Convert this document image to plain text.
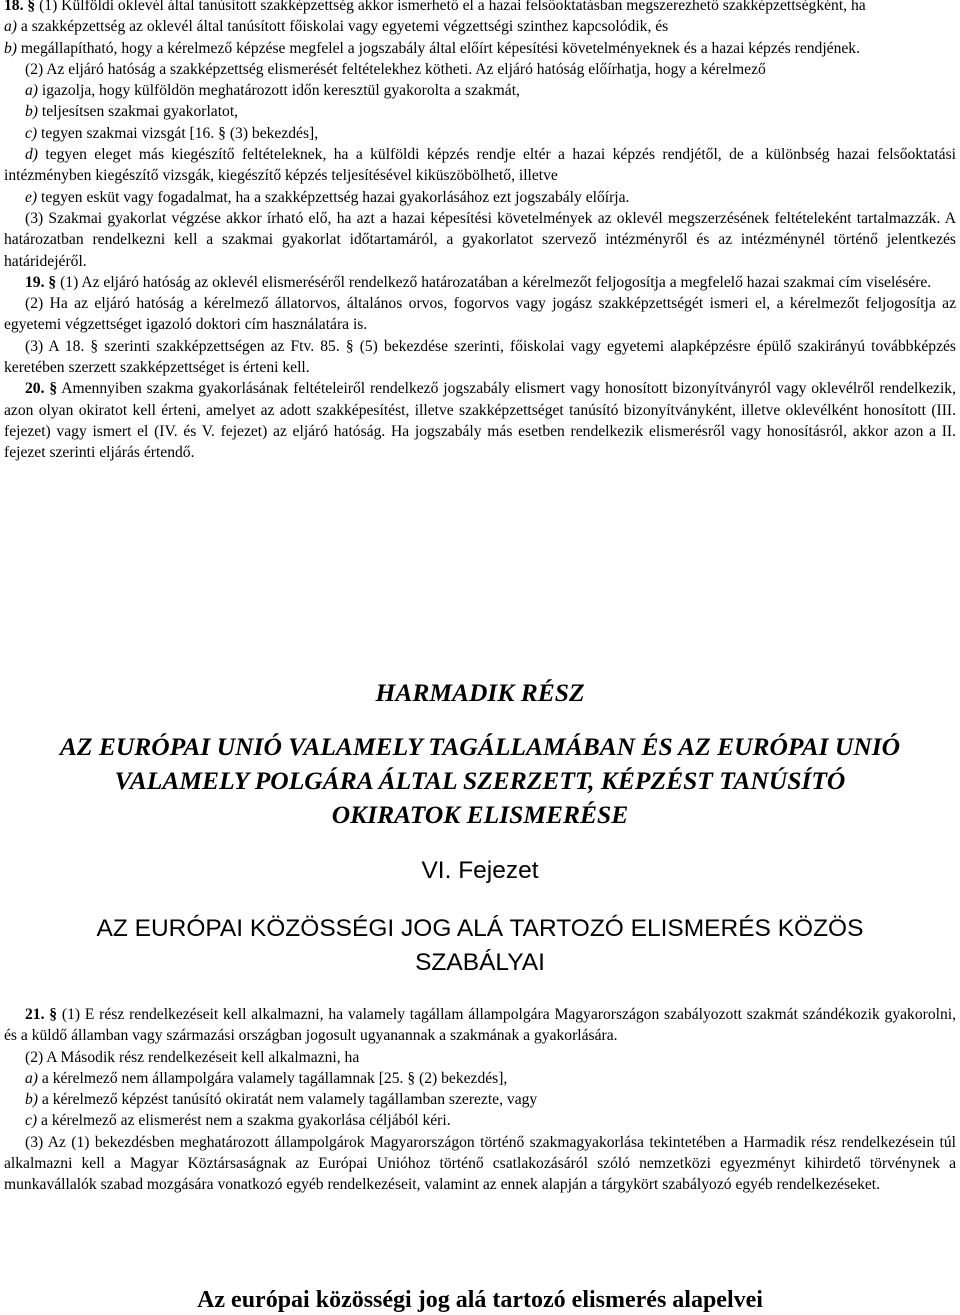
18. § (1) Külföldi oklevél által tanúsított szakképzettség akkor ismerhető el a hazai felsőoktatásban megszerezhető szakképzettségként, ha

a) a szakképzettség az oklevél által tanúsított főiskolai vagy egyetemi végzettségi szinthez kapcsolódik, és

b) megállapítható, hogy a kérelmező képzése megfelel a jogszabály által előírt képesítési követelményeknek és a hazai képzés rendjének.

(2) Az eljáró hatóság a szakképzettség elismerését feltételekhez kötheti. Az eljáró hatóság előírhatja, hogy a kérelmező

a) igazolja, hogy külföldön meghatározott időn keresztül gyakorolta a szakmát,

b) teljesítsen szakmai gyakorlatot,

c) tegyen szakmai vizsgát [16. § (3) bekezdés],

d) tegyen eleget más kiegészítő feltételeknek, ha a külföldi képzés rendje eltér a hazai képzés rendjétől, de a különbség hazai felsőoktatási intézményben kiegészítő vizsgák, kiegészítő képzés teljesítésével kiküszöbölhető, illetve

e) tegyen esküt vagy fogadalmat, ha a szakképzettség hazai gyakorlásához ezt jogszabály előírja.

(3) Szakmai gyakorlat végzése akkor írható elő, ha azt a hazai képesítési követelmények az oklevél megszerzésének feltételeként tartalmazzák. A határozatban rendelkezni kell a szakmai gyakorlat időtartamáról, a gyakorlatot szervező intézményről és az intézménynél történő jelentkezés határidejéről.

19. § (1) Az eljáró hatóság az oklevél elismeréséről rendelkező határozatában a kérelmezőt feljogosítja a megfelelő hazai szakmai cím viselésére.

(2) Ha az eljáró hatóság a kérelmező állatorvos, általános orvos, fogorvos vagy jogász szakképzettségét ismeri el, a kérelmezőt feljogosítja az egyetemi végzettséget igazoló doktori cím használatára is.

(3) A 18. § szerinti szakképzettségen az Ftv. 85. § (5) bekezdése szerinti, főiskolai vagy egyetemi alapképzésre épülő szakirányú továbbképzés keretében szerzett szakképzettséget is érteni kell.

20. § Amennyiben szakma gyakorlásának feltételeiről rendelkező jogszabály elismert vagy honosított bizonyítványról vagy oklevélről rendelkezik, azon olyan okiratot kell érteni, amelyet az adott szakképesítést, illetve szakképzettséget tanúsító bizonyítványként, illetve oklevélként honosított (III. fejezet) vagy ismert el (IV. és V. fejezet) az eljáró hatóság. Ha jogszabály más esetben rendelkezik elismerésről vagy honosításról, akkor azon a II. fejezet szerinti eljárás értendő.

HARMADIK RÉSZ
AZ EURÓPAI UNIÓ VALAMELY TAGÁLLAMÁBAN ÉS AZ EURÓPAI UNIÓ
VALAMELY POLGÁRA ÁLTAL SZERZETT, KÉPZÉST TANÚSÍTÓ
OKIRATOK ELISMERÉSE
VI. Fejezet
AZ EURÓPAI KÖZÖSSÉGI JOG ALÁ TARTOZÓ ELISMERÉS KÖZÖS
SZABÁLYAI

21. § (1) E rész rendelkezéseit kell alkalmazni, ha valamely tagállam állampolgára Magyarországon szabályozott szakmát szándékozik gyakorolni, és a küldő államban vagy származási országban jogosult ugyanannak a szakmának a gyakorlására.

(2) A Második rész rendelkezéseit kell alkalmazni, ha

a) a kérelmező nem állampolgára valamely tagállamnak [25. § (2) bekezdés],

b) a kérelmező képzést tanúsító okiratát nem valamely tagállamban szerezte, vagy

c) a kérelmező az elismerést nem a szakma gyakorlása céljából kéri.

(3) Az (1) bekezdésben meghatározott állampolgárok Magyarországon történő szakmagyakorlása tekintetében a Harmadik rész rendelkezésein túl alkalmazni kell a Magyar Köztársaságnak az Európai Unióhoz történő csatlakozásáról szóló nemzetközi egyezményt kihirdető törvénynek a munkavállalók szabad mozgására vonatkozó egyéb rendelkezéseit, valamint az ennek alapján a tárgykört szabályozó egyéb rendelkezéseket.

Az európai közösségi jog alá tartozó elismerés alapelvei
